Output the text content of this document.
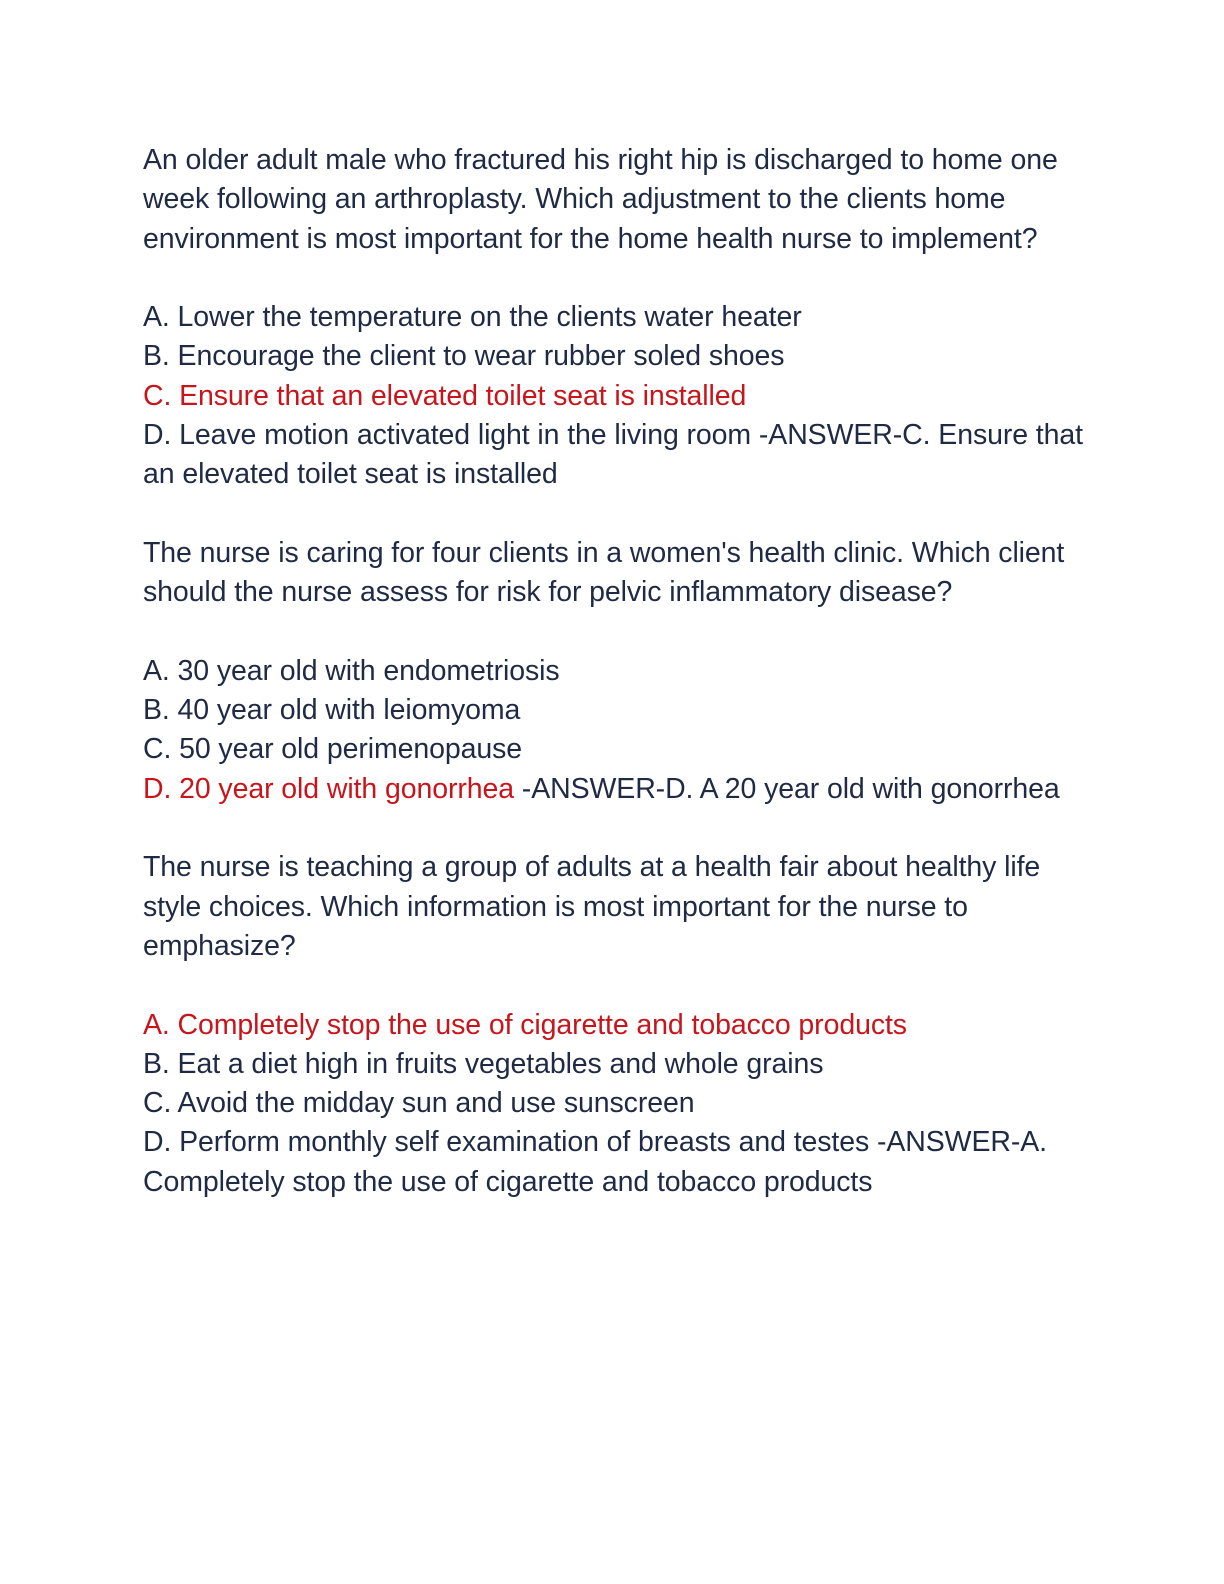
An older adult male who fractured his right hip is discharged to home one week following an arthroplasty. Which adjustment to the clients home environment is most important for the home health nurse to implement?

A. Lower the temperature on the clients water heater

B. Encourage the client to wear rubber soled shoes

C. Ensure that an elevated toilet seat is installed

D. Leave motion activated light in the living room -ANSWER-C. Ensure that an elevated toilet seat is installed

The nurse is caring for four clients in a women's health clinic. Which client should the nurse assess for risk for pelvic inflammatory disease?

A. 30 year old with endometriosis

B. 40 year old with leiomyoma

C. 50 year old perimenopause

D. 20 year old with gonorrhea -ANSWER-D. A 20 year old with gonorrhea

The nurse is teaching a group of adults at a health fair about healthy life style choices. Which information is most important for the nurse to emphasize?

A. Completely stop the use of cigarette and tobacco products

B. Eat a diet high in fruits vegetables and whole grains

C. Avoid the midday sun and use sunscreen

D. Perform monthly self examination of breasts and testes -ANSWER-A. Completely stop the use of cigarette and tobacco products
